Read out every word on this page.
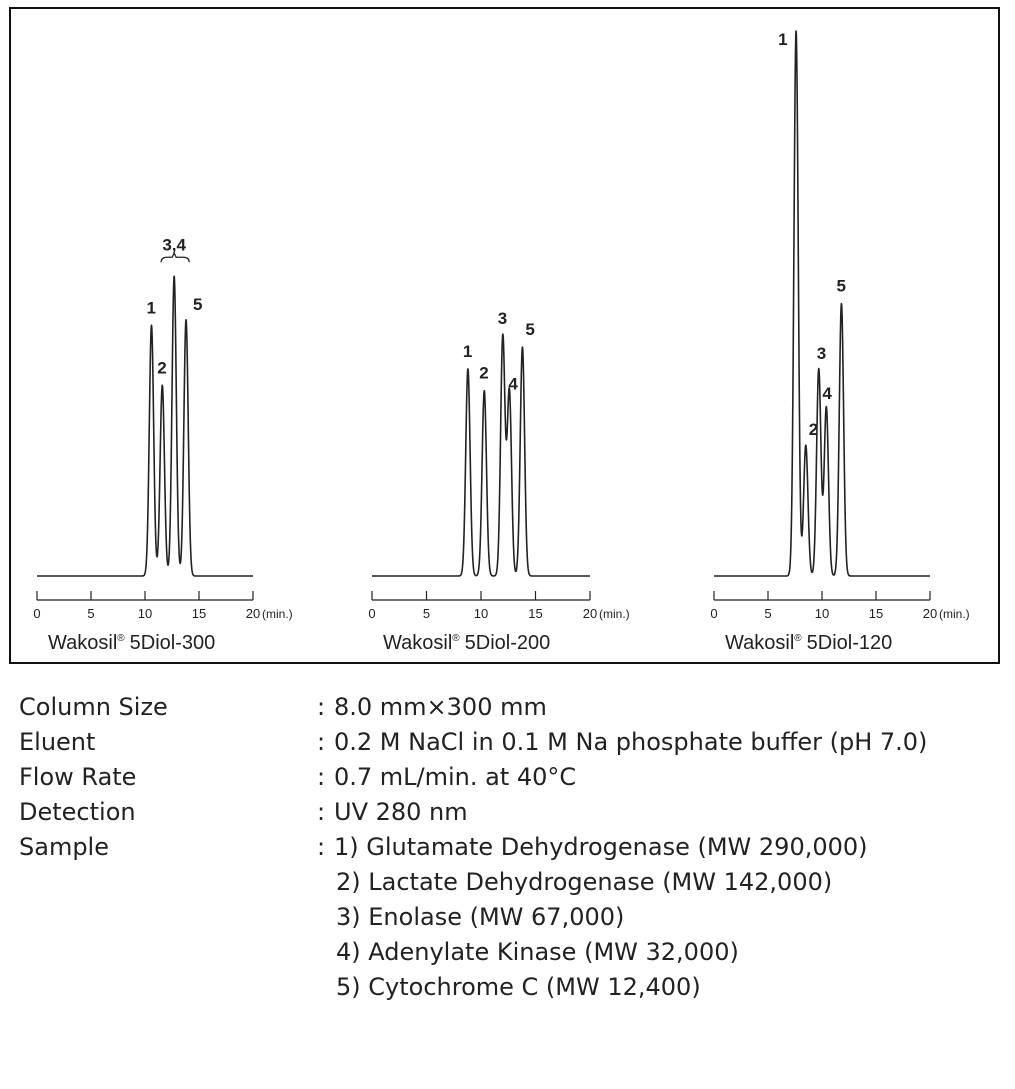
0	5	10	15	20 (min.)
Wakosil® 5Diol-300
1
2
3,4
5
0	5	10	15	20 (min.)
Wakosil® 5Diol-200
1
2
3
4
5
0	5	10	15	20 (min.)
Wakosil® 5Diol-120
1
2
3
4
5
Column Size	: 8.0 mm×300 mm
Eluent	: 0.2 M NaCl in 0.1 M Na phosphate buffer (pH 7.0)
Flow Rate	: 0.7 mL/min. at 40°C
Detection	: UV 280 nm
Sample	: 1) Glutamate Dehydrogenase (MW 290,000)
2) Lactate Dehydrogenase (MW 142,000)
3) Enolase (MW 67,000)
4) Adenylate Kinase (MW 32,000)
5) Cytochrome C (MW 12,400)
